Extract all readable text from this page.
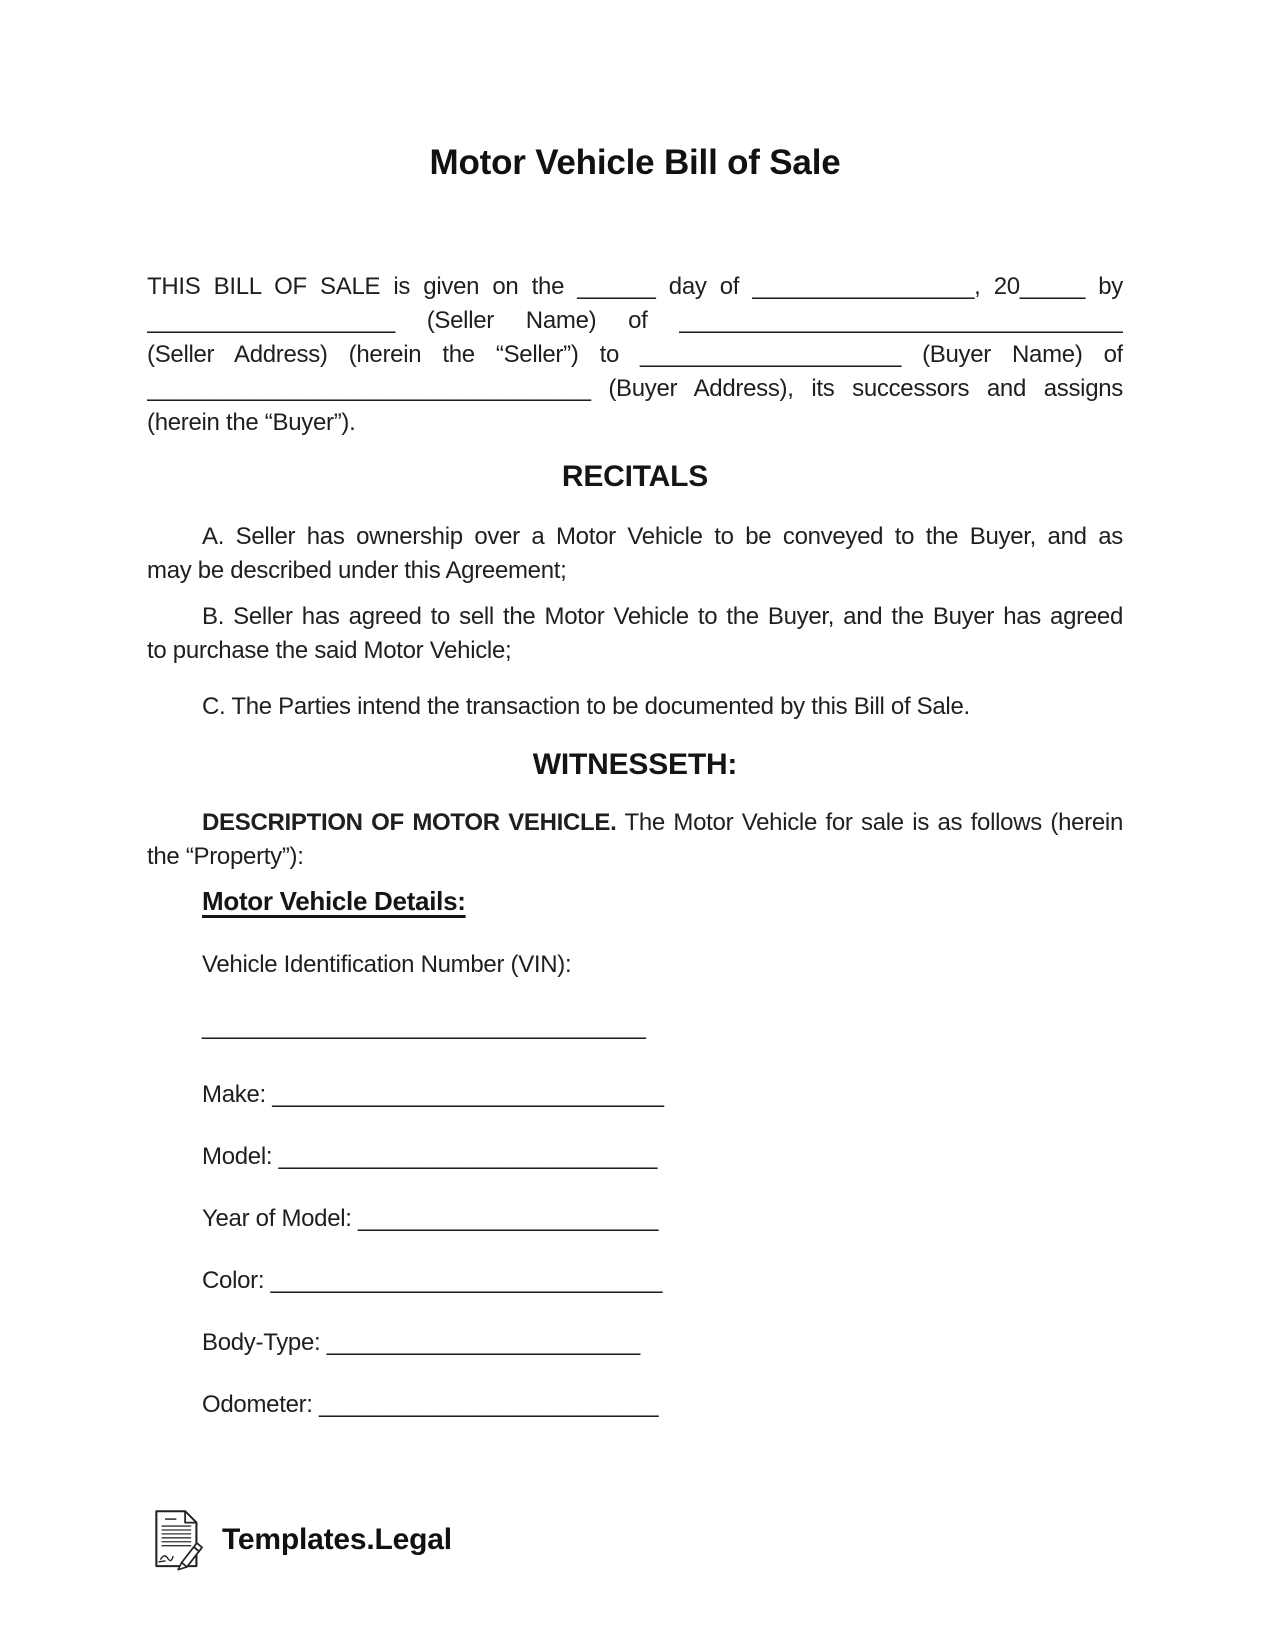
Motor Vehicle Bill of Sale
THIS BILL OF SALE is given on the ______ day of _________________, 20_____ by
___________________ (Seller Name) of __________________________________
(Seller Address) (herein the “Seller”) to ____________________ (Buyer Name) of
__________________________________ (Buyer Address), its successors and assigns
(herein the “Buyer”).
RECITALS
A. Seller has ownership over a Motor Vehicle to be conveyed to the Buyer, and as
may be described under this Agreement;
B. Seller has agreed to sell the Motor Vehicle to the Buyer, and the Buyer has agreed
to purchase the said Motor Vehicle;
C. The Parties intend the transaction to be documented by this Bill of Sale.
WITNESSETH:
DESCRIPTION OF MOTOR VEHICLE. The Motor Vehicle for sale is as follows (herein
the “Property”):
Motor Vehicle Details:
Vehicle Identification Number (VIN):
__________________________________
Make: ______________________________
Model: _____________________________
Year of Model: _______________________
Color: ______________________________
Body-Type: ________________________
Odometer: __________________________
Templates.Legal
